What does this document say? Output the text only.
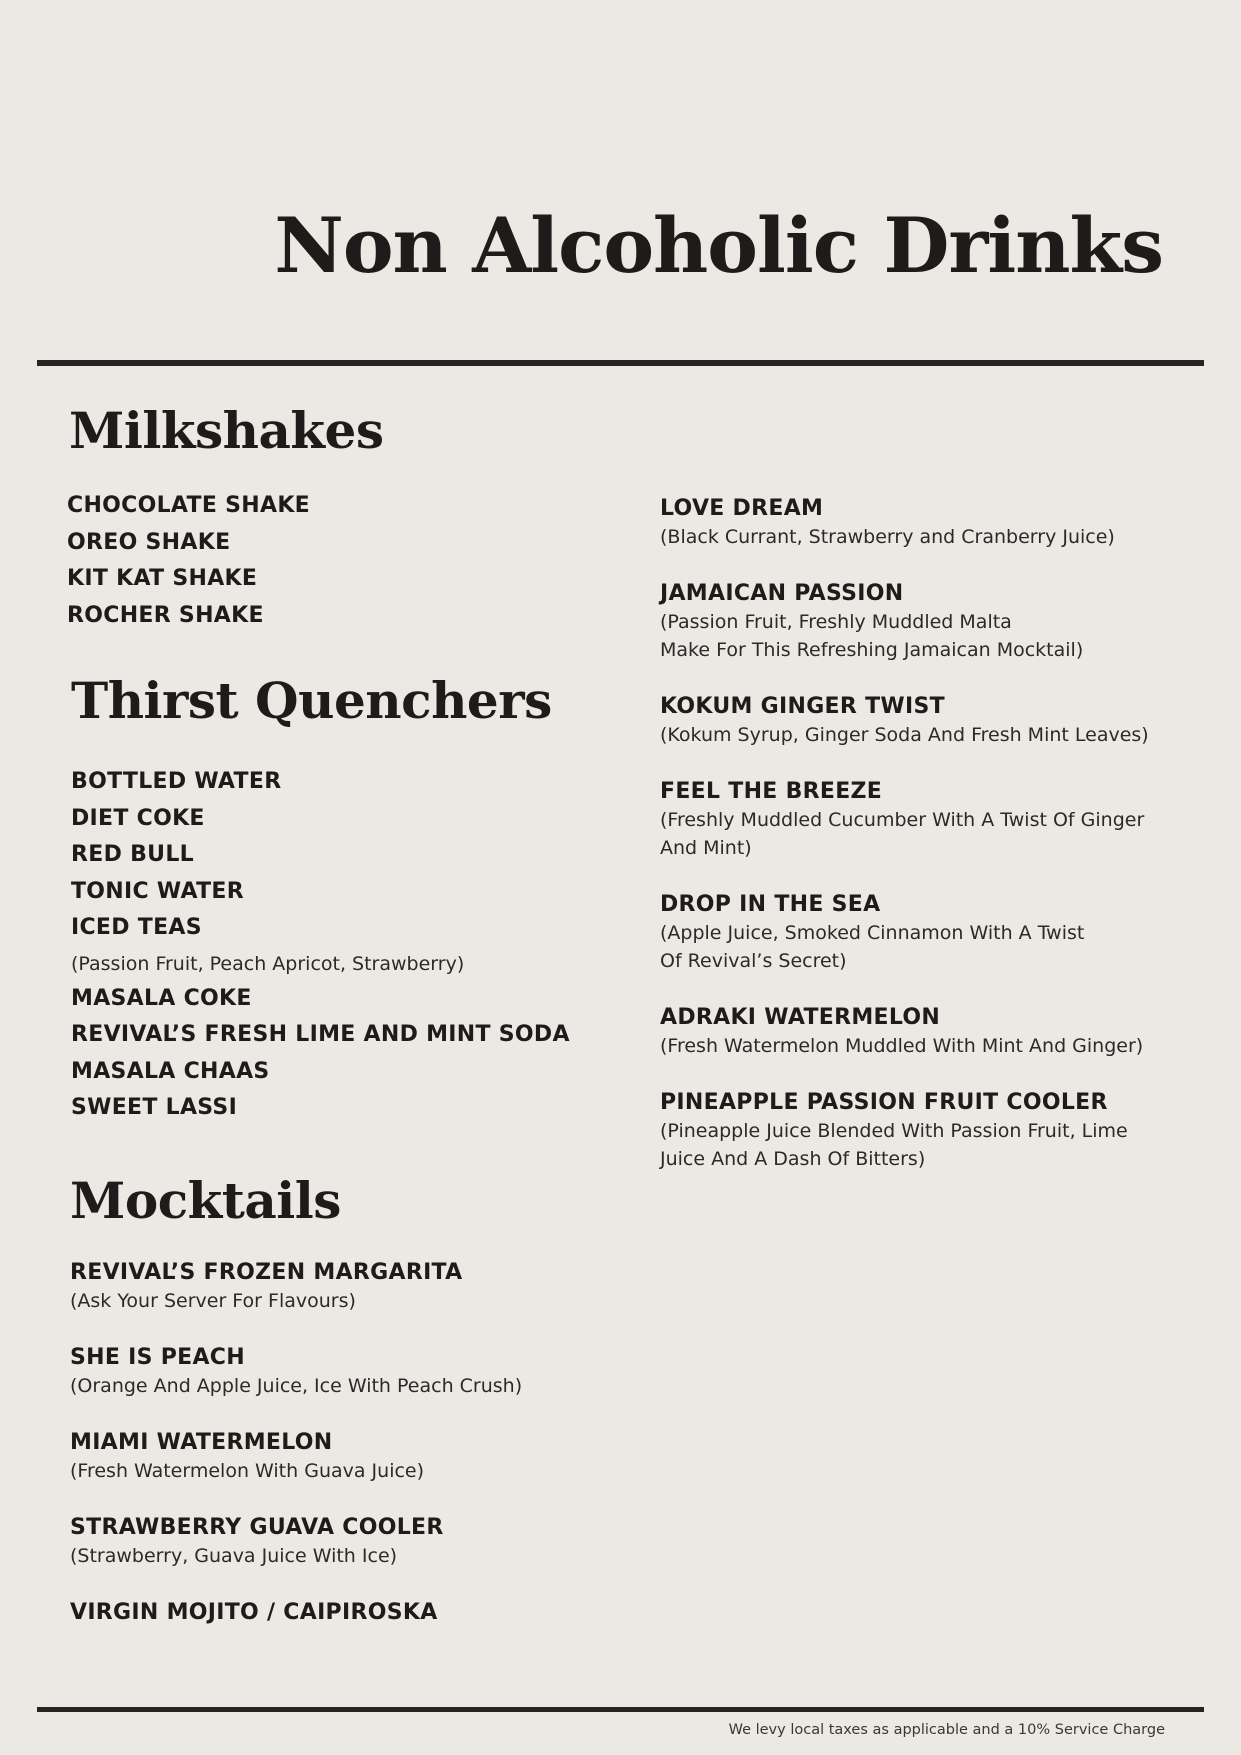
Non Alcoholic Drinks
Milkshakes
CHOCOLATE SHAKE
OREO SHAKE
KIT KAT SHAKE
ROCHER SHAKE
Thirst Quenchers
BOTTLED WATER
DIET COKE
RED BULL
TONIC WATER
ICED TEAS
(Passion Fruit, Peach Apricot, Strawberry)
MASALA COKE
REVIVAL’S FRESH LIME AND MINT SODA
MASALA CHAAS
SWEET LASSI
Mocktails
REVIVAL’S FROZEN MARGARITA
(Ask Your Server For Flavours)
SHE IS PEACH
(Orange And Apple Juice, Ice With Peach Crush)
MIAMI WATERMELON
(Fresh Watermelon With Guava Juice)
STRAWBERRY GUAVA COOLER
(Strawberry, Guava Juice With Ice)
VIRGIN MOJITO / CAIPIROSKA
LOVE DREAM
(Black Currant, Strawberry and Cranberry Juice)
JAMAICAN PASSION
(Passion Fruit, Freshly Muddled Malta
Make For This Refreshing Jamaican Mocktail)
KOKUM GINGER TWIST
(Kokum Syrup, Ginger Soda And Fresh Mint Leaves)
FEEL THE BREEZE
(Freshly Muddled Cucumber With A Twist Of Ginger
And Mint)
DROP IN THE SEA
(Apple Juice, Smoked Cinnamon With A Twist
Of Revival’s Secret)
ADRAKI WATERMELON
(Fresh Watermelon Muddled With Mint And Ginger)
PINEAPPLE PASSION FRUIT COOLER
(Pineapple Juice Blended With Passion Fruit, Lime
Juice And A Dash Of Bitters)

We levy local taxes as applicable and a 10% Service Charge
